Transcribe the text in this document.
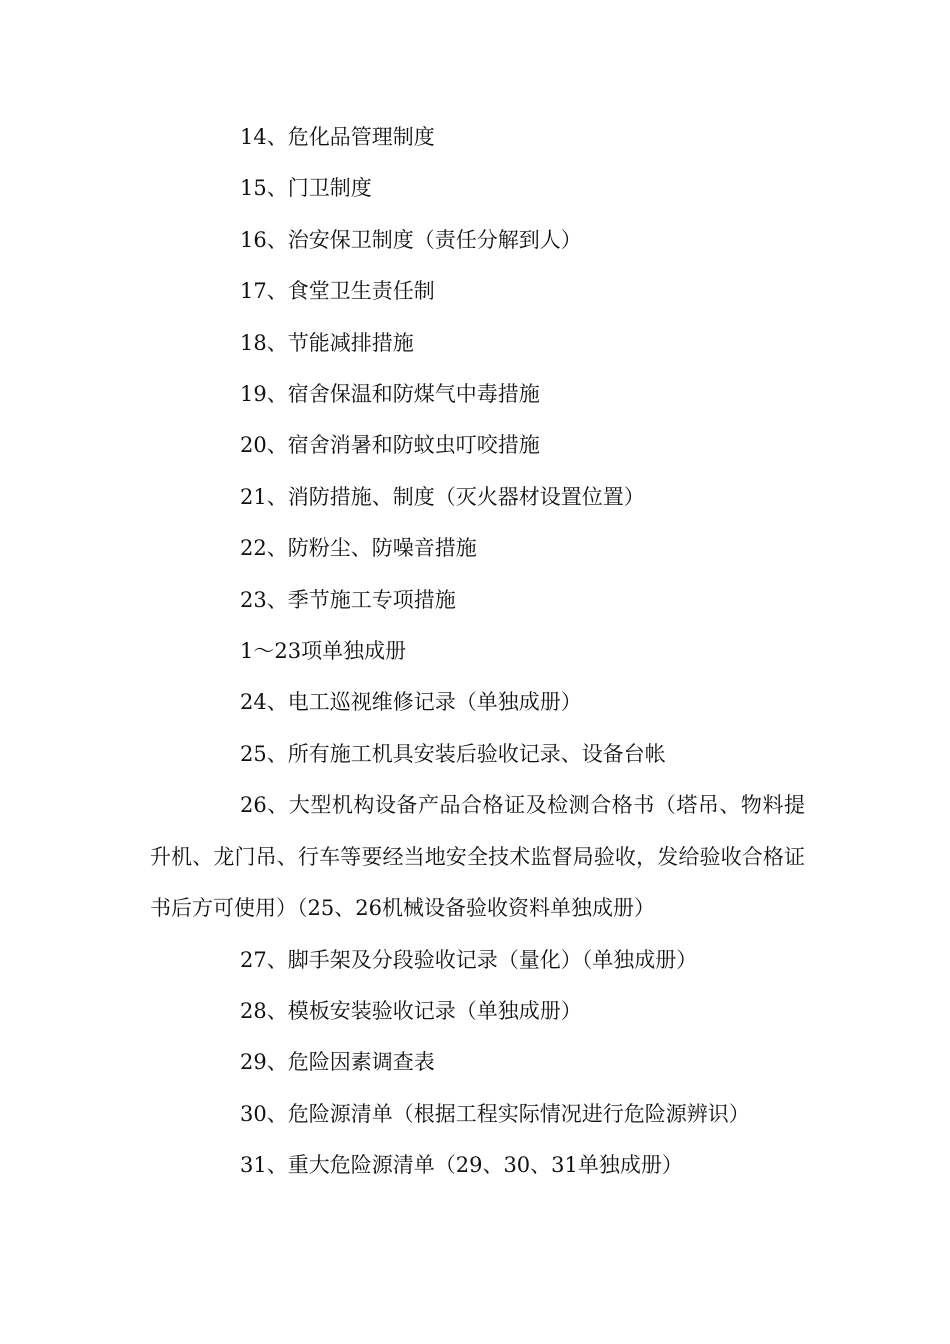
14、危化品管理制度

15、门卫制度

16、治安保卫制度（责任分解到人）

17、食堂卫生责任制

18、节能减排措施

19、宿舍保温和防煤气中毒措施

20、宿舍消暑和防蚊虫叮咬措施

21、消防措施、制度（灭火器材设置位置）

22、防粉尘、防噪音措施

23、季节施工专项措施

1～23项单独成册

24、电工巡视维修记录（单独成册）

25、所有施工机具安装后验收记录、设备台帐

26、大型机构设备产品合格证及检测合格书（塔吊、物料提升机、龙门吊、行车等要经当地安全技术监督局验收，发给验收合格证书后方可使用）（25、26机械设备验收资料单独成册）

27、脚手架及分段验收记录（量化）（单独成册）

28、模板安装验收记录（单独成册）

29、危险因素调查表

30、危险源清单（根据工程实际情况进行危险源辨识）

31、重大危险源清单（29、30、31单独成册）
